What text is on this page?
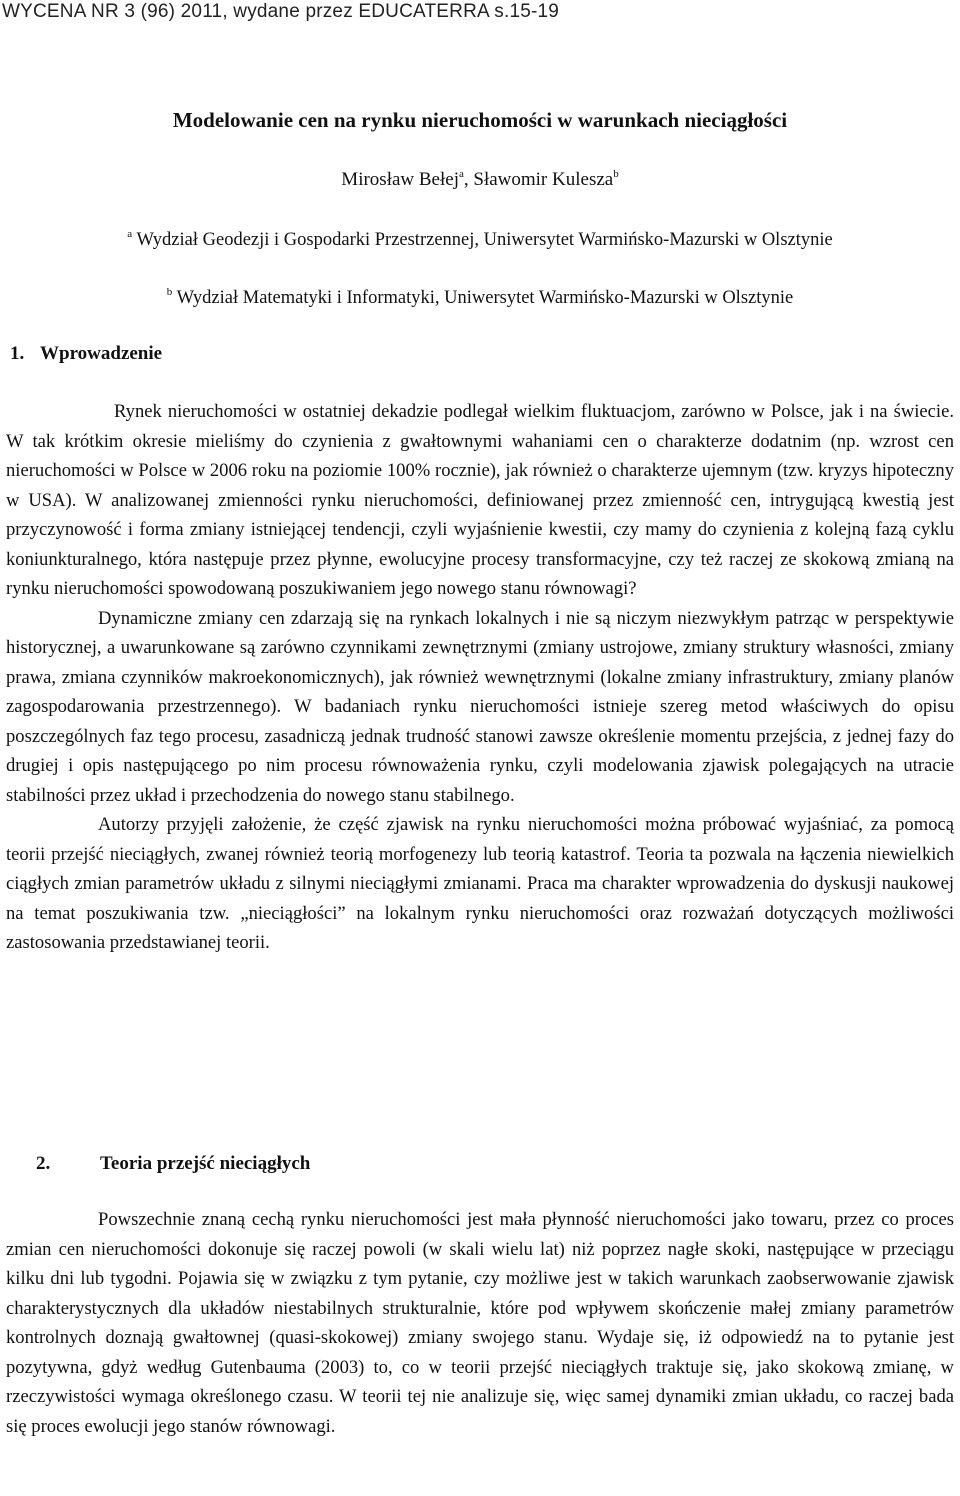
WYCENA NR 3 (96) 2011, wydane przez EDUCATERRA s.15-19
Modelowanie cen na rynku nieruchomości w warunkach nieciągłości
Mirosław Bełej$^a$, Sławomir Kulesza$^b$
$^a$ Wydział Geodezji i Gospodarki Przestrzennej, Uniwersytet Warmińsko-Mazurski w Olsztynie
$^b$ Wydział Matematyki i Informatyki, Uniwersytet Warmińsko-Mazurski w Olsztynie
1. Wprowadzenie

Rynek nieruchomości w ostatniej dekadzie podlegał wielkim fluktuacjom, zarówno w Polsce, jak i na świecie. W tak krótkim okresie mieliśmy do czynienia z gwałtownymi wahaniami cen o charakterze dodatnim (np. wzrost cen nieruchomości w Polsce w 2006 roku na poziomie 100% rocznie), jak również o charakterze ujemnym (tzw. kryzys hipoteczny w USA). W analizowanej zmienności rynku nieruchomości, definiowanej przez zmienność cen, intrygującą kwestią jest przyczynowość i forma zmiany istniejącej tendencji, czyli wyjaśnienie kwestii, czy mamy do czynienia z kolejną fazą cyklu koniunkturalnego, która następuje przez płynne, ewolucyjne procesy transformacyjne, czy też raczej ze skokową zmianą na rynku nieruchomości spowodowaną poszukiwaniem jego nowego stanu równowagi?

Dynamiczne zmiany cen zdarzają się na rynkach lokalnych i nie są niczym niezwykłym patrząc w perspektywie historycznej, a uwarunkowane są zarówno czynnikami zewnętrznymi (zmiany ustrojowe, zmiany struktury własności, zmiany prawa, zmiana czynników makroekonomicznych), jak również wewnętrznymi (lokalne zmiany infrastruktury, zmiany planów zagospodarowania przestrzennego). W badaniach rynku nieruchomości istnieje szereg metod właściwych do opisu poszczególnych faz tego procesu, zasadniczą jednak trudność stanowi zawsze określenie momentu przejścia, z jednej fazy do drugiej i opis następującego po nim procesu równoważenia rynku, czyli modelowania zjawisk polegających na utracie stabilności przez układ i przechodzenia do nowego stanu stabilnego.

Autorzy przyjęli założenie, że część zjawisk na rynku nieruchomości można próbować wyjaśniać, za pomocą teorii przejść nieciągłych, zwanej również teorią morfogenezy lub teorią katastrof. Teoria ta pozwala na łączenia niewielkich ciągłych zmian parametrów układu z silnymi nieciągłymi zmianami. Praca ma charakter wprowadzenia do dyskusji naukowej na temat poszukiwania tzw. „nieciągłości” na lokalnym rynku nieruchomości oraz rozważań dotyczących możliwości zastosowania przedstawianej teorii.

2.	Teoria przejść nieciągłych

Powszechnie znaną cechą rynku nieruchomości jest mała płynność nieruchomości jako towaru, przez co proces zmian cen nieruchomości dokonuje się raczej powoli (w skali wielu lat) niż poprzez nagłe skoki, następujące w przeciągu kilku dni lub tygodni. Pojawia się w związku z tym pytanie, czy możliwe jest w takich warunkach zaobserwowanie zjawisk charakterystycznych dla układów niestabilnych strukturalnie, które pod wpływem skończenie małej zmiany parametrów kontrolnych doznają gwałtownej (quasi-skokowej) zmiany swojego stanu. Wydaje się, iż odpowiedź na to pytanie jest pozytywna, gdyż według Gutenbauma (2003) to, co w teorii przejść nieciągłych traktuje się, jako skokową zmianę, w rzeczywistości wymaga określonego czasu. W teorii tej nie analizuje się, więc samej dynamiki zmian układu, co raczej bada się proces ewolucji jego stanów równowagi.
